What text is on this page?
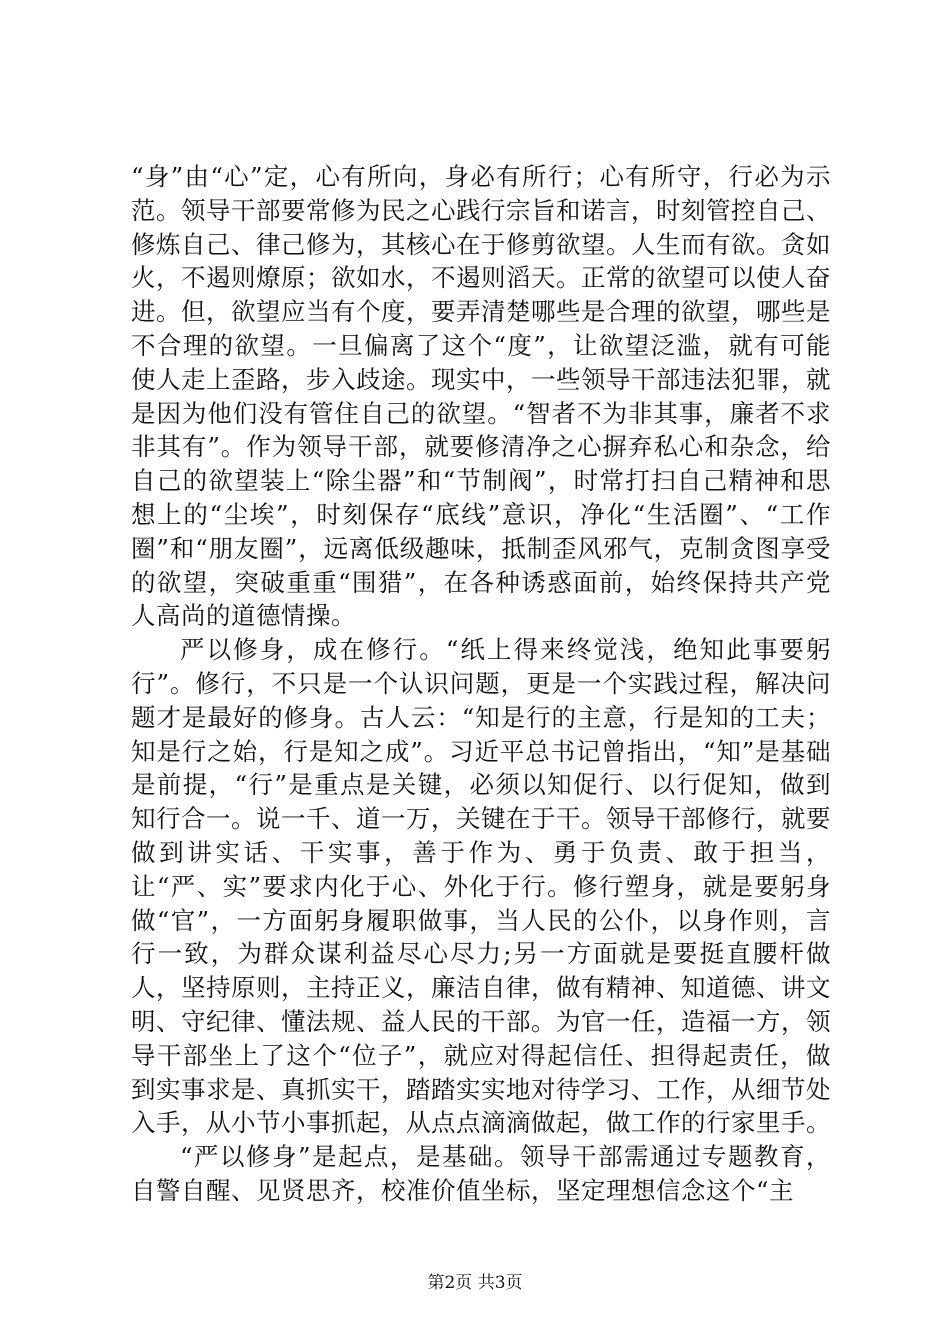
“身”由“心”定，心有所向，身必有所行；心有所守，行必为示范。领导干部要常修为民之心践行宗旨和诺言，时刻管控自己、修炼自己、律己修为，其核心在于修剪欲望。人生而有欲。贪如火，不遏则燎原；欲如水，不遏则滔天。正常的欲望可以使人奋进。但，欲望应当有个度，要弄清楚哪些是合理的欲望，哪些是不合理的欲望。一旦偏离了这个“度”，让欲望泛滥，就有可能使人走上歪路，步入歧途。现实中，一些领导干部违法犯罪，就是因为他们没有管住自己的欲望。“智者不为非其事，廉者不求非其有”。作为领导干部，就要修清净之心摒弃私心和杂念，给自己的欲望装上“除尘器”和“节制阀”，时常打扫自己精神和思想上的“尘埃”，时刻保存“底线”意识，净化“生活圈”、“工作圈”和“朋友圈”，远离低级趣味，抵制歪风邪气，克制贪图享受的欲望，突破重重“围猎”，在各种诱惑面前，始终保持共产党人高尚的道德情操。

严以修身，成在修行。“纸上得来终觉浅，绝知此事要躬行”。修行，不只是一个认识问题，更是一个实践过程，解决问题才是最好的修身。古人云：“知是行的主意，行是知的工夫；知是行之始，行是知之成”。习近平总书记曾指出，“知”是基础是前提，“行”是重点是关键，必须以知促行、以行促知，做到知行合一。说一千、道一万，关键在于干。领导干部修行，就要做到讲实话、干实事，善于作为、勇于负责、敢于担当，让“严、实”要求内化于心、外化于行。修行塑身，就是要躬身做“官”，一方面躬身履职做事，当人民的公仆，以身作则，言行一致，为群众谋利益尽心尽力;另一方面就是要挺直腰杆做人，坚持原则，主持正义，廉洁自律，做有精神、知道德、讲文明、守纪律、懂法规、益人民的干部。为官一任，造福一方，领导干部坐上了这个“位子”，就应对得起信任、担得起责任，做到实事求是、真抓实干，踏踏实实地对待学习、工作，从细节处入手，从小节小事抓起，从点点滴滴做起，做工作的行家里手。

“严以修身”是起点，是基础。领导干部需通过专题教育，自警自醒、见贤思齐，校准价值坐标，坚定理想信念这个“主

第2页 共3页
